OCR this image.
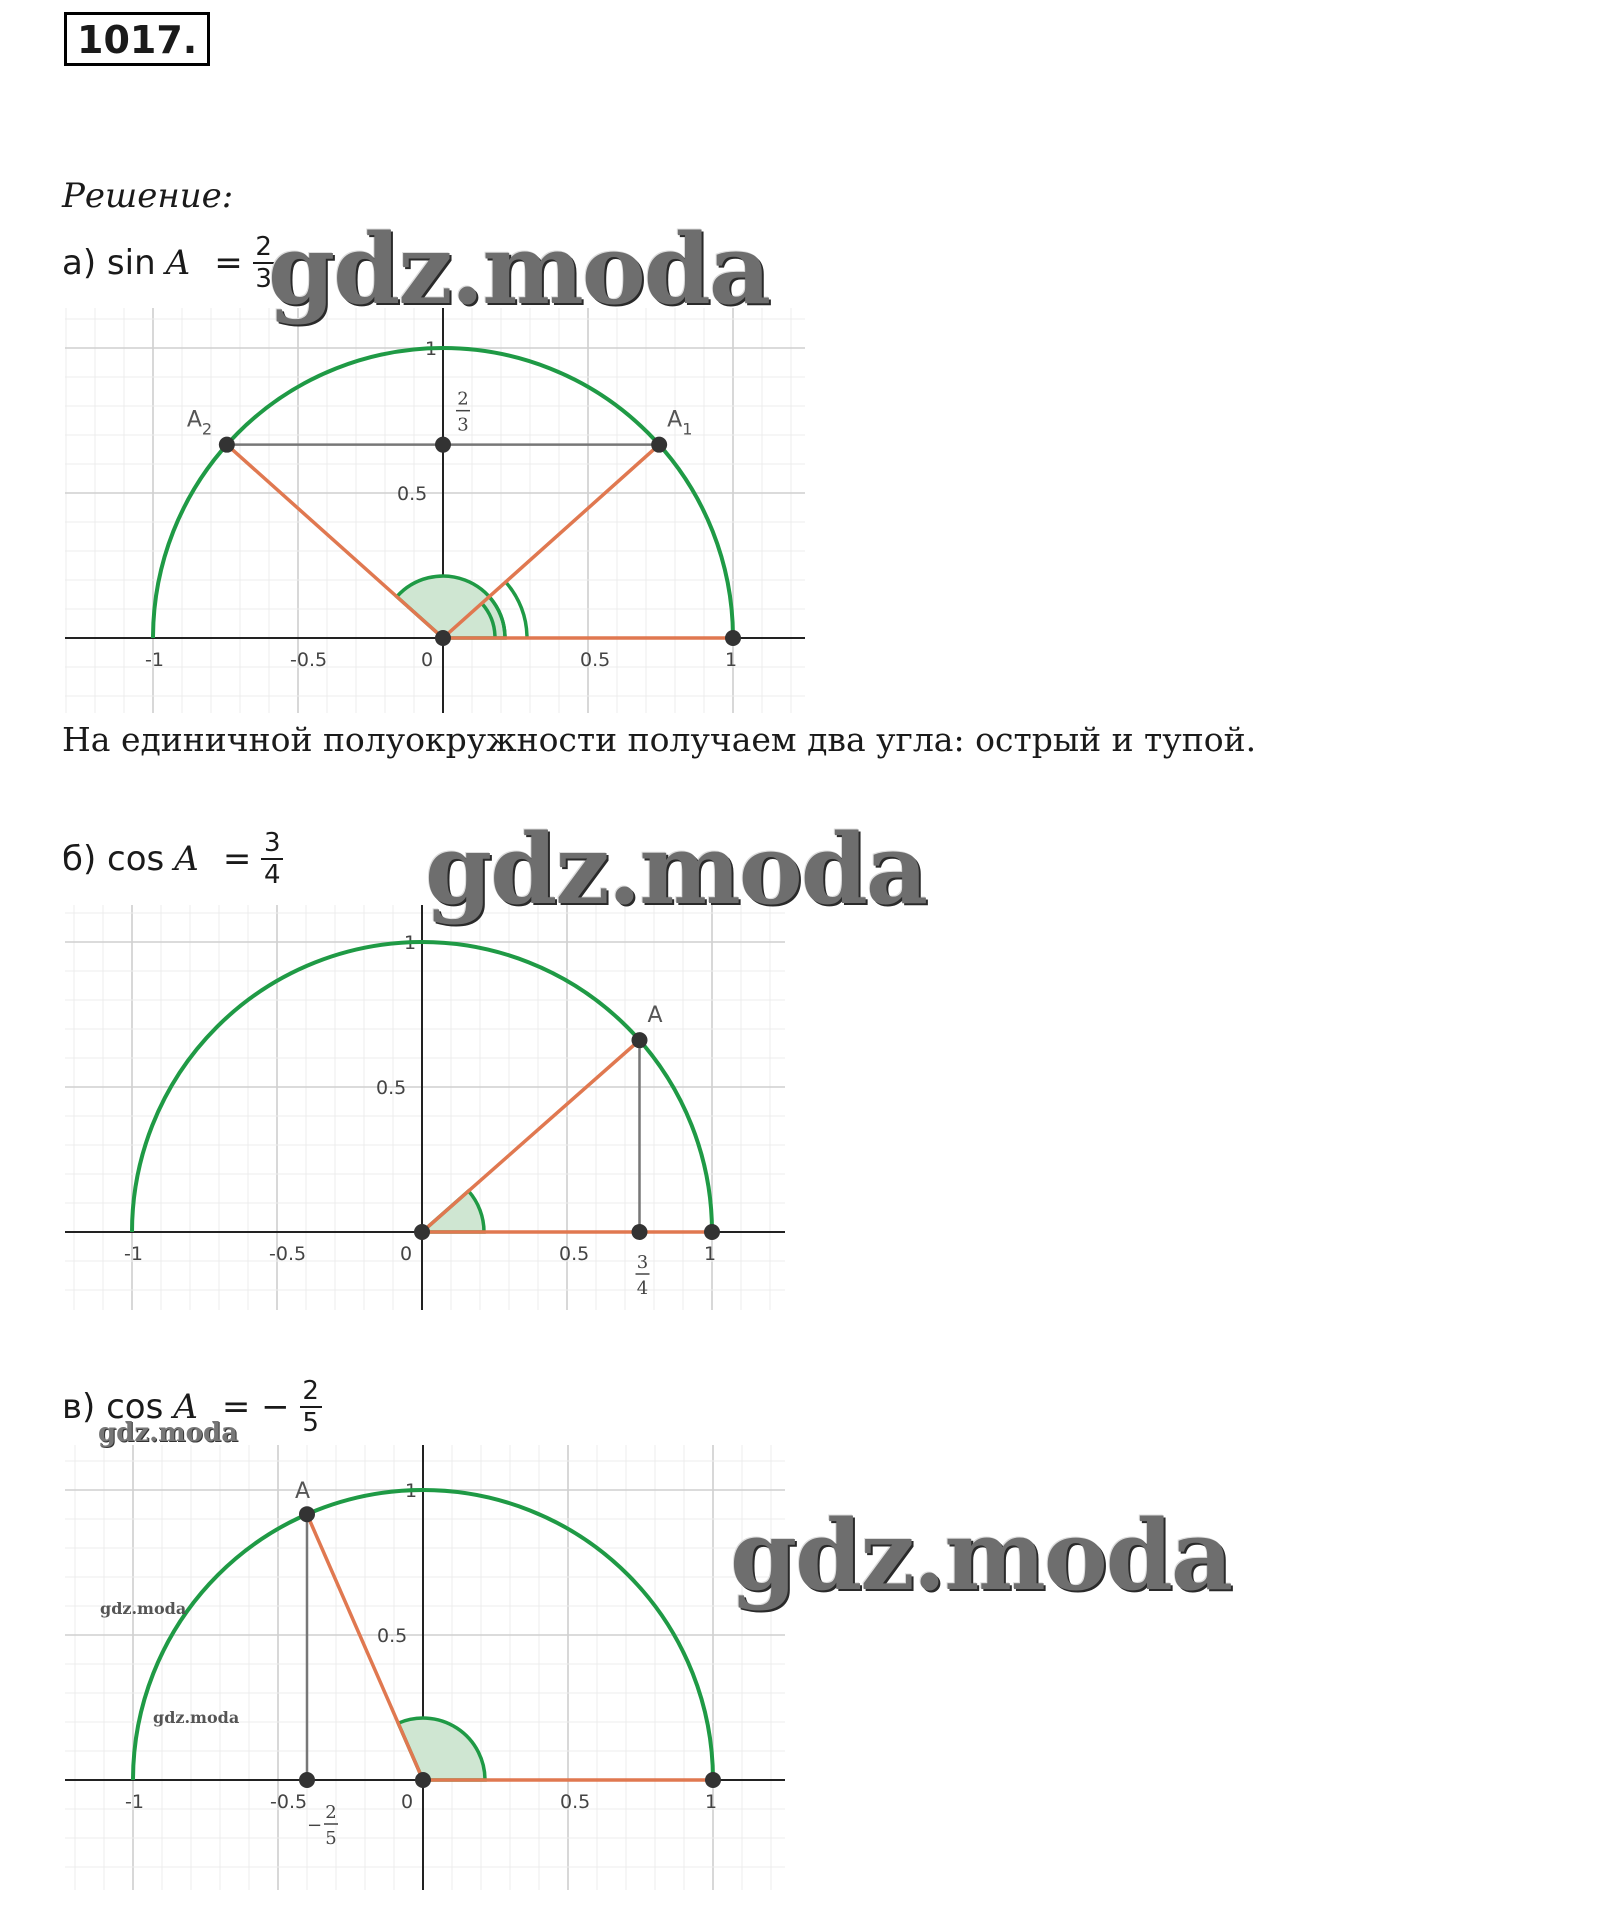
1017.
Решение:
а) $\sin A = \frac{2}{3}$
-1	-0.5	0	0.5	1
0.5
1
$A_2$	$A_1$
2
3
На единичной полуокружности получаем два угла: острый и тупой.
б) $\cos A = \frac{3}{4}$
-1	-0.5	0	0.5	1
0.5
1
A
3
4
в) cos A = − $\frac{2}{5}$
-1	-0.5	0	0.5	1
0.5
1
A
2
5
−
gdz.moda
gdz.moda
gdz.moda
gdz.moda
gdz.moda
gdz.moda
